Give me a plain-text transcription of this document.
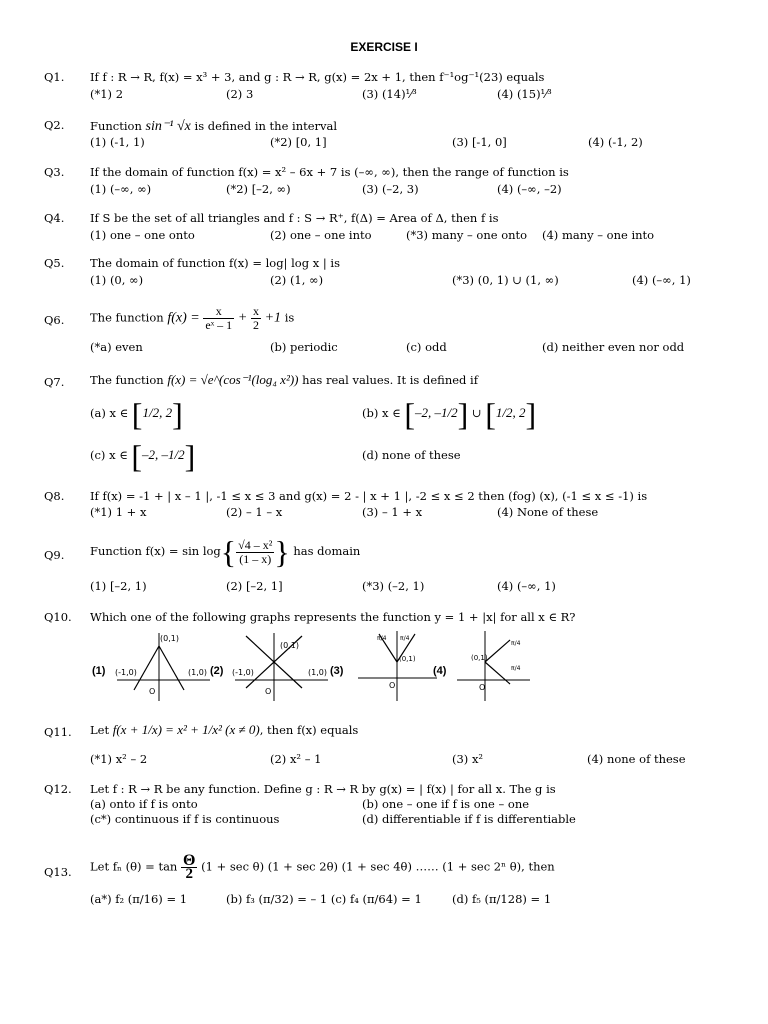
EXERCISE I
Q1. If f : R → R, f(x) = x³ + 3, and g : R → R, g(x) = 2x + 1, then f⁻¹og⁻¹(23) equals
(*1) 2	(2) 3	(3) (14)¹⁄³	(4) (15)¹⁄³
Q2. Function sin⁻¹ √x is defined in the interval
(1) (-1, 1)	(*2) [0, 1]	(3) [-1, 0]	(4) (-1, 2)
Q3. If the domain of function f(x) = x² – 6x + 7 is (–∞, ∞), then the range of function is
(1) (–∞, ∞)	(*2) [–2, ∞)	(3) (–2, 3)	(4) (–∞, –2)
Q4. If S be the set of all triangles and f : S → R⁺, f(Δ) = Area of Δ, then f is
(1) one – one onto	(2) one – one into	(*3) many – one onto (4) many – one into
Q5. The domain of function f(x) = log| log x | is
(1) (0, ∞)	(2) (1, ∞)	(*3) (0, 1) ∪ (1, ∞)	(4) (–∞, 1)
Q6. The function $f(x) = \frac{x}{\text{eˣ – 1}} + \frac{x}{2} +1$ is
(*a) even	(b) periodic	(c) odd	(d) neither even nor odd
Q7. The function f(x) = √e^(cos⁻¹(log₄ x²)) has real values. It is defined if
(a) x ∈ [1/2, 2]	(b) x ∈ [–2, –1/2] ∪ [1/2, 2]
(c) x ∈ [–2, –1/2]	(d) none of these
Q8. If f(x) = -1 + | x – 1 |, -1 ≤ x ≤ 3 and g(x) = 2 - | x + 1 |, -2 ≤ x ≤ 2 then (fog) (x), (-1 ≤ x ≤ -1) is
(*1) 1 + x	(2) – 1 – x	(3) – 1 + x	(4) None of these
Q9. Function $f(x) = \sin \log\{ \frac{\text{√4 – x²}}{(1 - x)}$ } has domain
(1) [–2, 1)	(2) [–2, 1]	(*3) (–2, 1)	(4) (–∞, 1)
Q10. Which one of the following graphs represents the function y = 1 + |x| for all x ∈ R?
(1)
(0,1)
(-1,0)	(1,0)
O
(2)
(0,1)
(-1,0)	(1,0)
O
(3)
π/4 π/4
(0,1)
O
(4)
(0,1)
π/4
π/4
O
Q11. Let f(x + 1/x) = x² + 1/x² (x ≠ 0), then f(x) equals
(*1) x² – 2	(2) x² – 1	(3) x²	(4) none of these
Q12. Let f : R → R be any function. Define g : R → R by g(x) = | f(x) | for all x. The g is
(a) onto if f is onto	(b) one – one if f is one – one
(c*) continuous if f is continuous	(d) differentiable if f is differentiable
Q13. Let fₙ $(\theta) = \tan \frac{\Theta}{2} (1 + \sec \theta) (1 + \sec 2\theta) (1 + \sec 4\theta)$ …… (1 + sec 2ⁿ θ), then
(a*) f₂ (π/16) = 1	(b) f₃ (π/32) = – 1 (c) f₄ (π/64) = 1	(d) f₅ (π/128) = 1
